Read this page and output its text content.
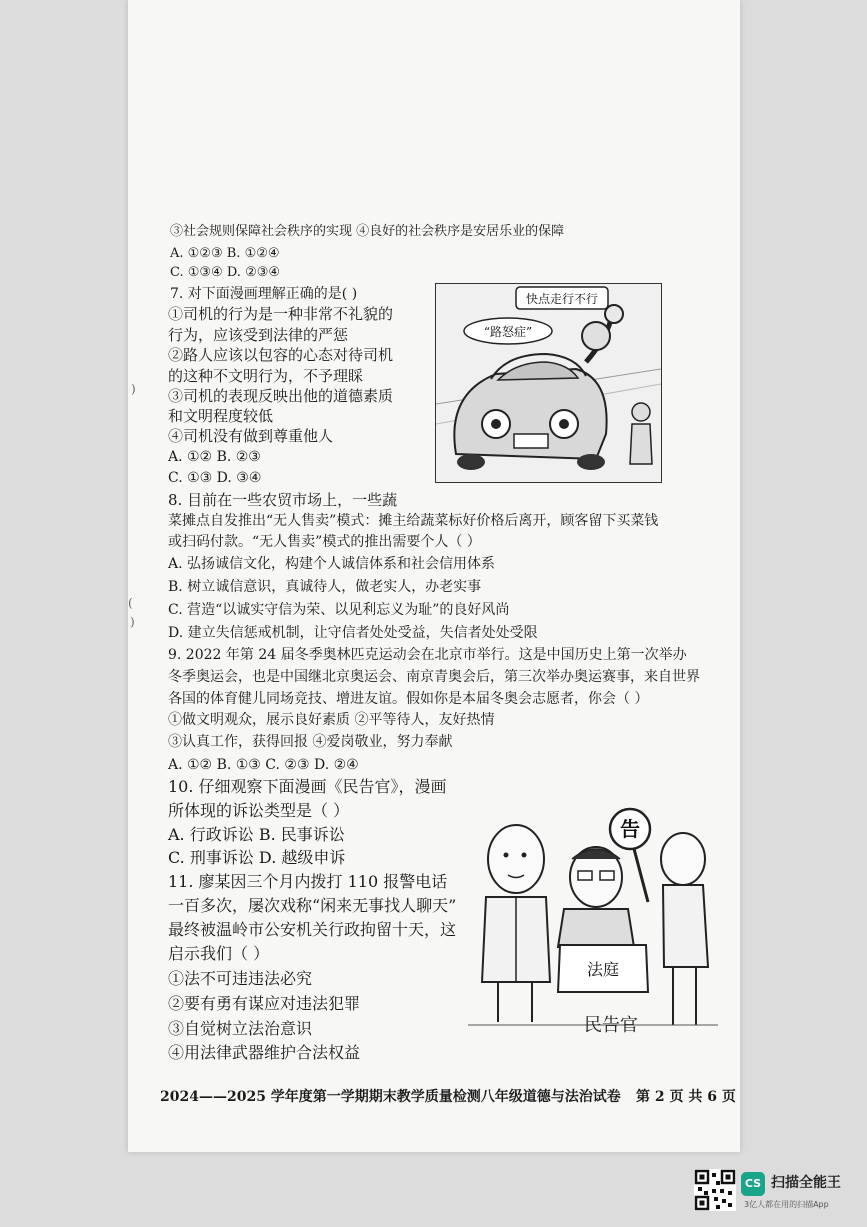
③社会规则保障社会秩序的实现 ④良好的社会秩序是安居乐业的保障
A. ①②③ B. ①②④
C. ①③④ D. ②③④
7. 对下面漫画理解正确的是( )
①司机的行为是一种非常不礼貌的
行为，应该受到法律的严惩
②路人应该以包容的心态对待司机
的这种不文明行为，不予理睬
③司机的表现反映出他的道德素质
和文明程度较低
④司机没有做到尊重他人
A. ①② B. ②③
C. ①③ D. ③④
8. 目前在一些农贸市场上，一些蔬
菜摊点自发推出“无人售卖”模式：摊主给蔬菜标好价格后离开，顾客留下买菜钱
或扫码付款。“无人售卖”模式的推出需要个人（ ）
A. 弘扬诚信文化，构建个人诚信体系和社会信用体系
B. 树立诚信意识，真诚待人，做老实人，办老实事
C. 营造“以诚实守信为荣、以见利忘义为耻”的良好风尚
D. 建立失信惩戒机制，让守信者处处受益，失信者处处受限
9. 2022 年第 24 届冬季奥林匹克运动会在北京市举行。这是中国历史上第一次举办
冬季奥运会，也是中国继北京奥运会、南京青奥会后，第三次举办奥运赛事，来自世界
各国的体育健儿同场竞技、增进友谊。假如你是本届冬奥会志愿者，你会（ ）
①做文明观众，展示良好素质 ②平等待人，友好热情
③认真工作，获得回报 ④爱岗敬业，努力奉献
A. ①② B. ①③ C. ②③ D. ②④
10. 仔细观察下面漫画《民告官》，漫画
所体现的诉讼类型是（ ）
A. 行政诉讼 B. 民事诉讼
C. 刑事诉讼 D. 越级申诉
11. 廖某因三个月内拨打 110 报警电话
一百多次，屡次戏称“闲来无事找人聊天”
最终被温岭市公安机关行政拘留十天，这
启示我们（ ）
①法不可违违法必究
②要有勇有谋应对违法犯罪
③自觉树立法治意识
④用法律武器维护合法权益
)
(
)
“路怒症”
快点走行不行
法庭
告
民告官
2024——2025 学年度第一学期期末教学质量检测八年级道德与法治试卷 第 2 页 共 6 页
CS 扫描全能王
3亿人都在用的扫描App
